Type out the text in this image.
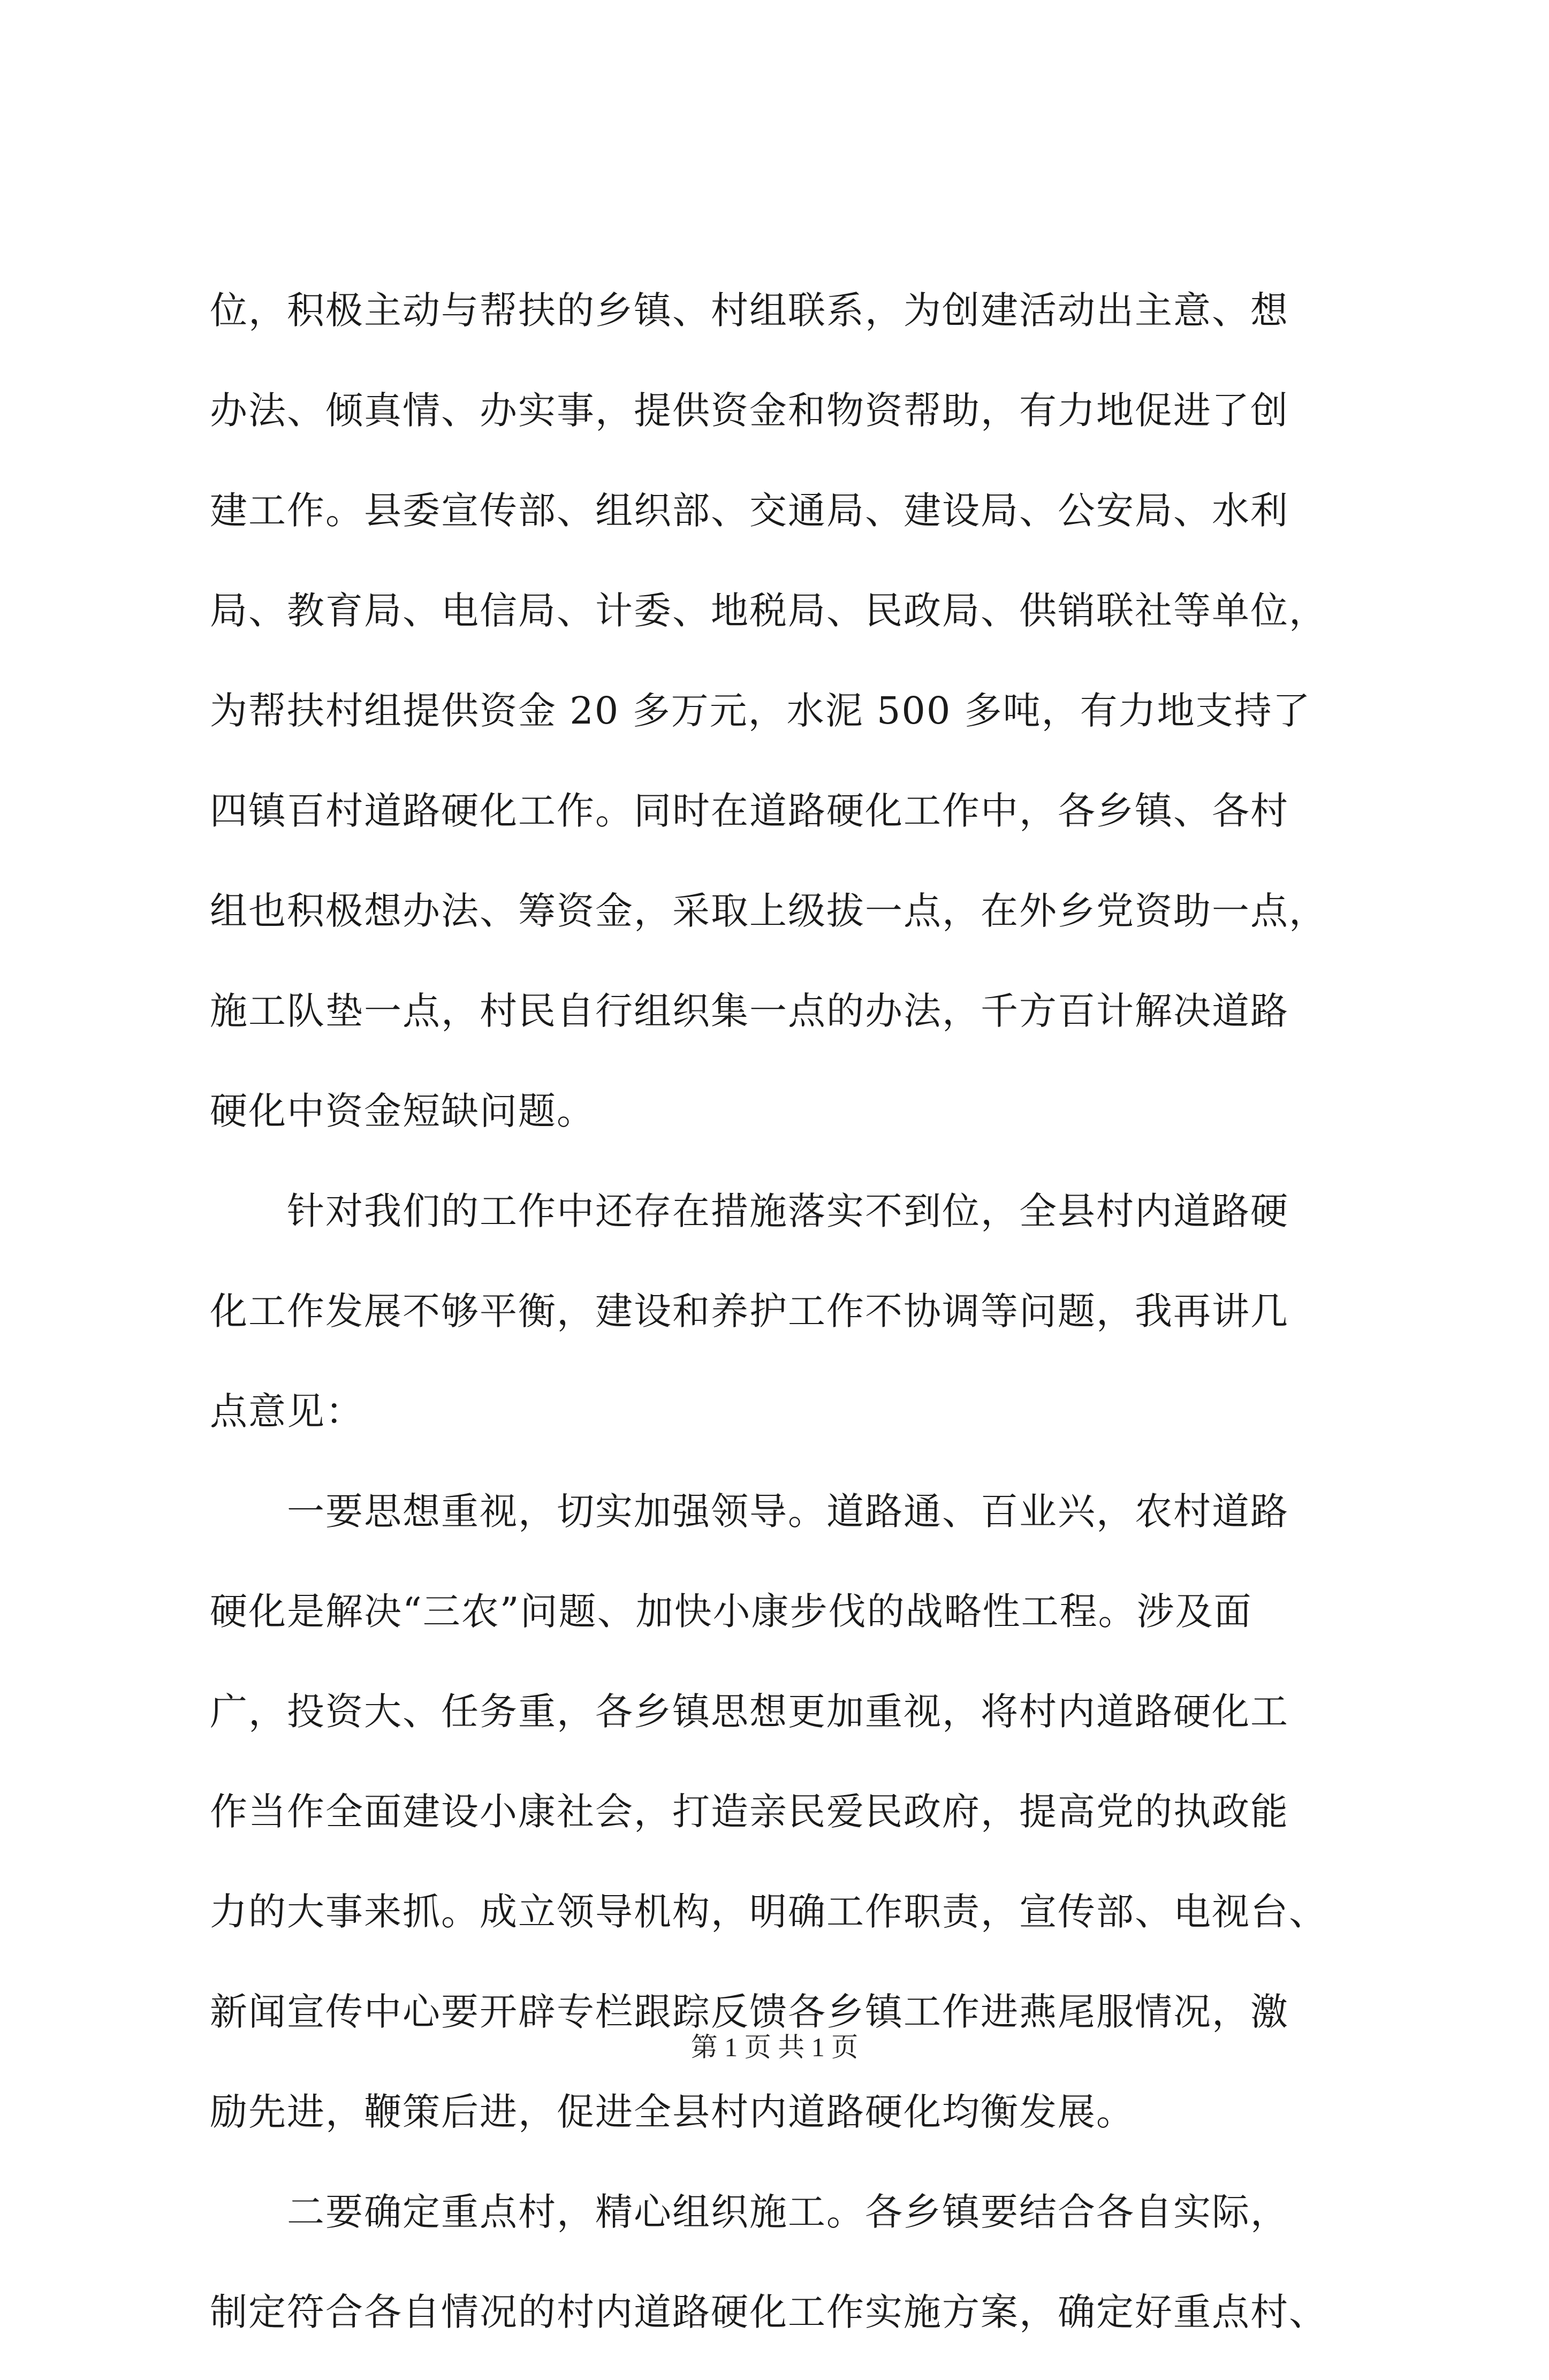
位，积极主动与帮扶的乡镇、村组联系，为创建活动出主意、想
办法、倾真情、办实事，提供资金和物资帮助，有力地促进了创
建工作。县委宣传部、组织部、交通局、建设局、公安局、水利
局、教育局、电信局、计委、地税局、民政局、供销联社等单位，
为帮扶村组提供资金 20 多万元，水泥 500 多吨，有力地支持了
四镇百村道路硬化工作。同时在道路硬化工作中，各乡镇、各村
组也积极想办法、筹资金，采取上级拔一点，在外乡党资助一点，
施工队垫一点，村民自行组织集一点的办法，千方百计解决道路
硬化中资金短缺问题。
　　针对我们的工作中还存在措施落实不到位，全县村内道路硬
化工作发展不够平衡，建设和养护工作不协调等问题，我再讲几
点意见：
　　一要思想重视，切实加强领导。道路通、百业兴，农村道路
硬化是解决“三农”问题、加快小康步伐的战略性工程。涉及面
广，投资大、任务重，各乡镇思想更加重视，将村内道路硬化工
作当作全面建设小康社会，打造亲民爱民政府，提高党的执政能
力的大事来抓。成立领导机构，明确工作职责，宣传部、电视台、
新闻宣传中心要开辟专栏跟踪反馈各乡镇工作进燕尾服情况，激
励先进，鞭策后进，促进全县村内道路硬化均衡发展。
　　二要确定重点村，精心组织施工。各乡镇要结合各自实际，
制定符合各自情况的村内道路硬化工作实施方案，确定好重点村、
第 1 页 共 1 页
